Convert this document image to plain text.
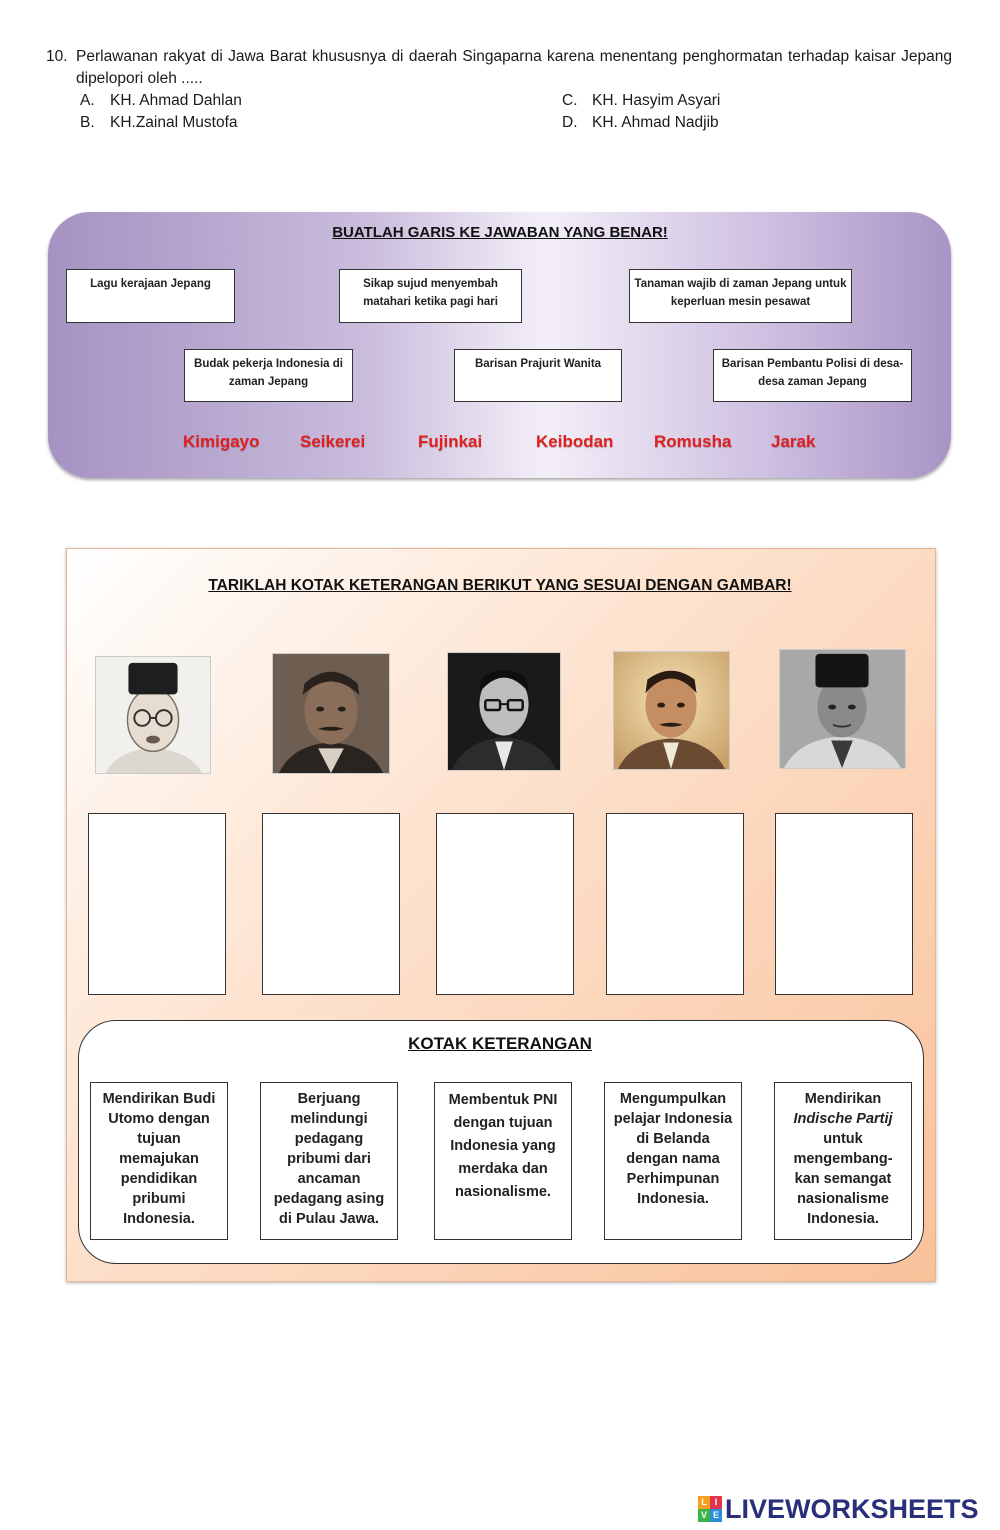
10. Perlawanan rakyat di Jawa Barat khususnya di daerah Singaparna karena menentang penghormatan terhadap kaisar Jepang dipelopori oleh .....
A. KH. Ahmad Dahlan
B. KH.Zainal Mustofa
C. KH. Hasyim Asyari
D. KH. Ahmad Nadjib
BUATLAH GARIS KE JAWABAN YANG BENAR!
Lagu kerajaan Jepang	Sikap sujud menyembah matahari ketika pagi hari
Tanaman wajib di zaman Jepang untuk keperluan mesin pesawat
Budak pekerja Indonesia di zaman Jepang
Barisan Prajurit Wanita	Barisan Pembantu Polisi di desa-desa zaman Jepang
Kimigayo Seikerei	Fujinkai	Keibodan Romusha Jarak
TARIKLAH KOTAK KETERANGAN BERIKUT YANG SESUAI DENGAN GAMBAR!
KOTAK KETERANGAN
Mendirikan Budi Utomo dengan tujuan memajukan pendidikan pribumi Indonesia.
Berjuang melindungi pedagang pribumi dari ancaman pedagang asing di Pulau Jawa.
Membentuk PNI dengan tujuan Indonesia yang merdaka dan nasionalisme.
Mengumpulkan pelajar Indonesia di Belanda dengan nama Perhimpunan Indonesia.
Mendirikan
Indische Partij
untuk mengembang-kan semangat nasionalisme Indonesia.
L I
V E LIVEWORKSHEETS
